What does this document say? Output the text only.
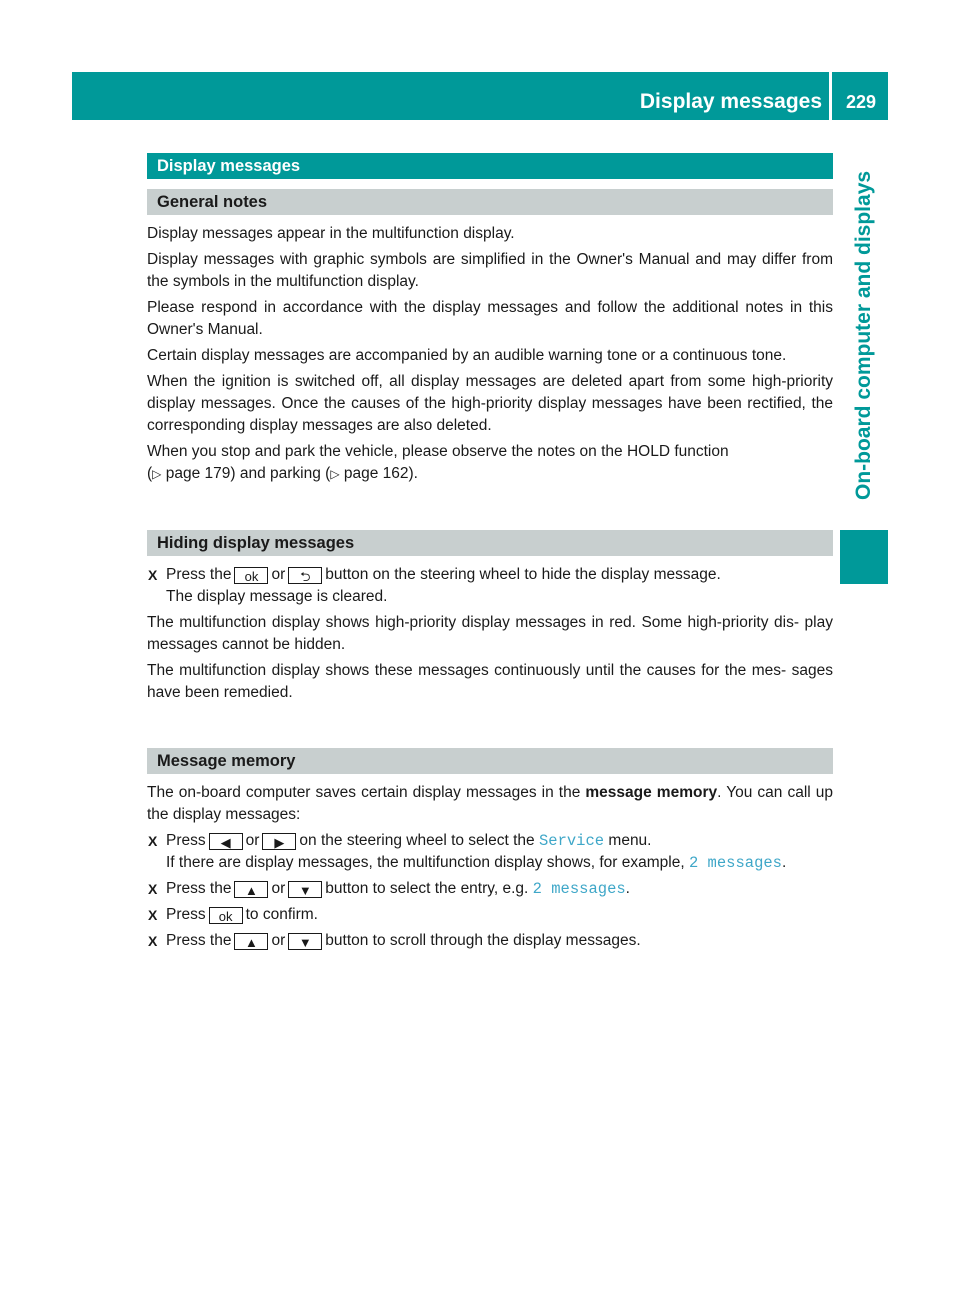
Display messages	229
On-board computer and displays
Display messages
General notes

Display messages appear in the multifunction display.

Display messages with graphic symbols are simplified in the Owner's Manual and may differ from the symbols in the multifunction display.

Please respond in accordance with the display messages and follow the additional notes in this Owner's Manual.

Certain display messages are accompanied by an audible warning tone or a continuous tone.

When the ignition is switched off, all display messages are deleted apart from some high-priority display messages. Once the causes of the high-priority display messages have been rectified, the corresponding display messages are also deleted.

When you stop and park the vehicle, please observe the notes on the HOLD function
(▷ page 179) and parking (▷ page 162).

Hiding display messages
X Press the ok or ⮌ button on the steering wheel to hide the display message.
The display message is cleared.

The multifunction display shows high-priority display messages in red. Some high-priority dis- play messages cannot be hidden.

The multifunction display shows these messages continuously until the causes for the mes- sages have been remedied.

Message memory

The on-board computer saves certain display messages in the message memory. You can call up the display messages:

X Press ◀ or ▶ on the steering wheel to select the Service menu.
If there are display messages, the multifunction display shows, for example, 2 messages.
X Press the ▲ or ▼ button to select the entry, e.g. 2 messages.
X Press ok to confirm.
X Press the ▲ or ▼ button to scroll through the display messages.
